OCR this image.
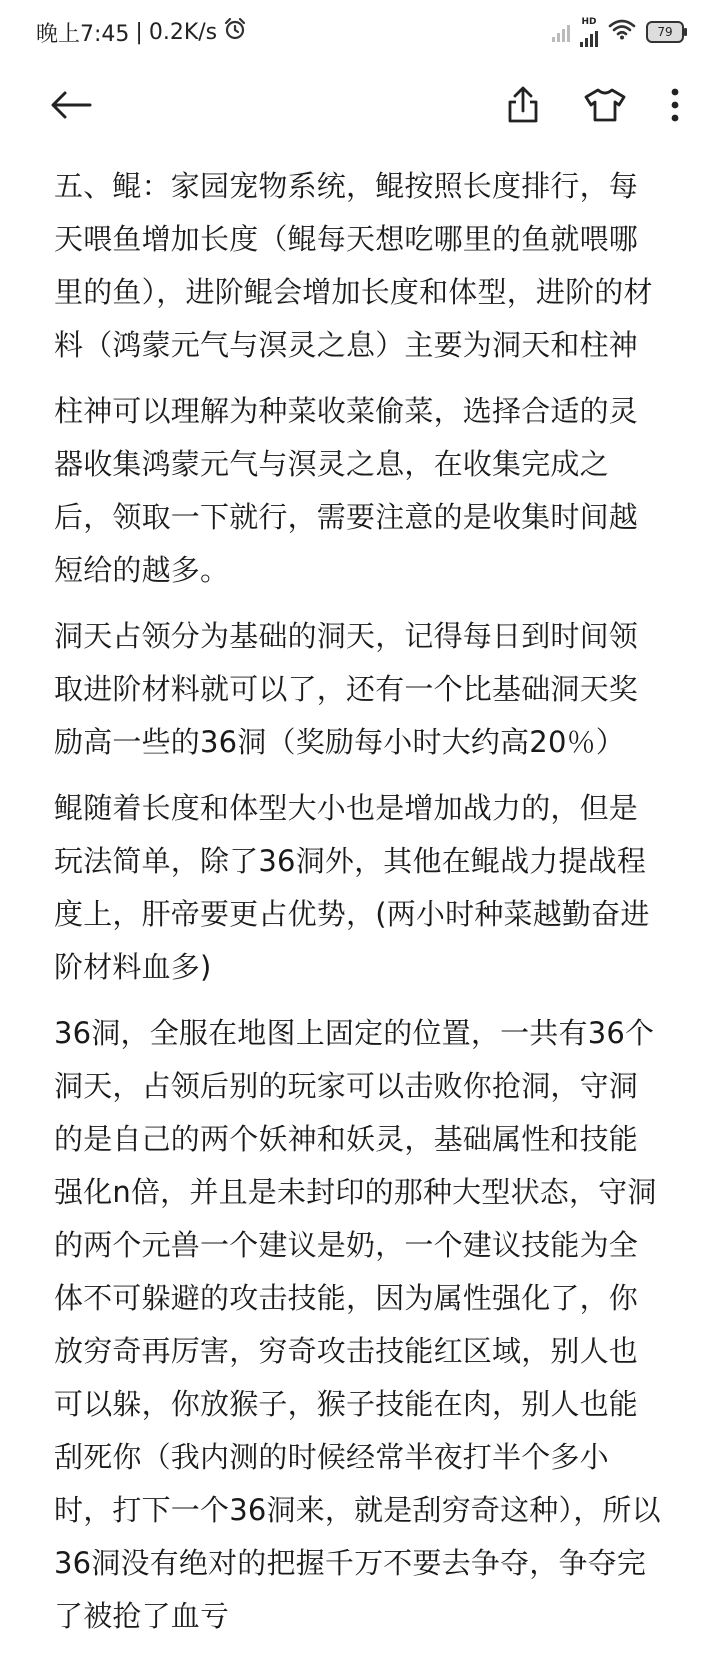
晚上7:45 | 0.2K/s	HD
79

五、鲲：家园宠物系统，鲲按照长度排行，每天喂鱼增加长度（鲲每天想吃哪里的鱼就喂哪里的鱼），进阶鲲会增加长度和体型，进阶的材料（鸿蒙元气与溟灵之息）主要为洞天和柱神

柱神可以理解为种菜收菜偷菜，选择合适的灵器收集鸿蒙元气与溟灵之息，在收集完成之后，领取一下就行，需要注意的是收集时间越短给的越多。

洞天占领分为基础的洞天，记得每日到时间领取进阶材料就可以了，还有一个比基础洞天奖励高一些的36洞（奖励每小时大约高20％）

鲲随着长度和体型大小也是增加战力的，但是玩法简单，除了36洞外，其他在鲲战力提战程度上，肝帝要更占优势，(两小时种菜越勤奋进阶材料血多)

36洞，全服在地图上固定的位置，一共有36个洞天，占领后别的玩家可以击败你抢洞，守洞的是自己的两个妖神和妖灵，基础属性和技能强化n倍，并且是未封印的那种大型状态，守洞的两个元兽一个建议是奶，一个建议技能为全体不可躲避的攻击技能，因为属性强化了，你放穷奇再厉害，穷奇攻击技能红区域，别人也可以躲，你放猴子，猴子技能在肉，别人也能刮死你（我内测的时候经常半夜打半个多小时，打下一个36洞来，就是刮穷奇这种），所以36洞没有绝对的把握千万不要去争夺，争夺完了被抢了血亏
